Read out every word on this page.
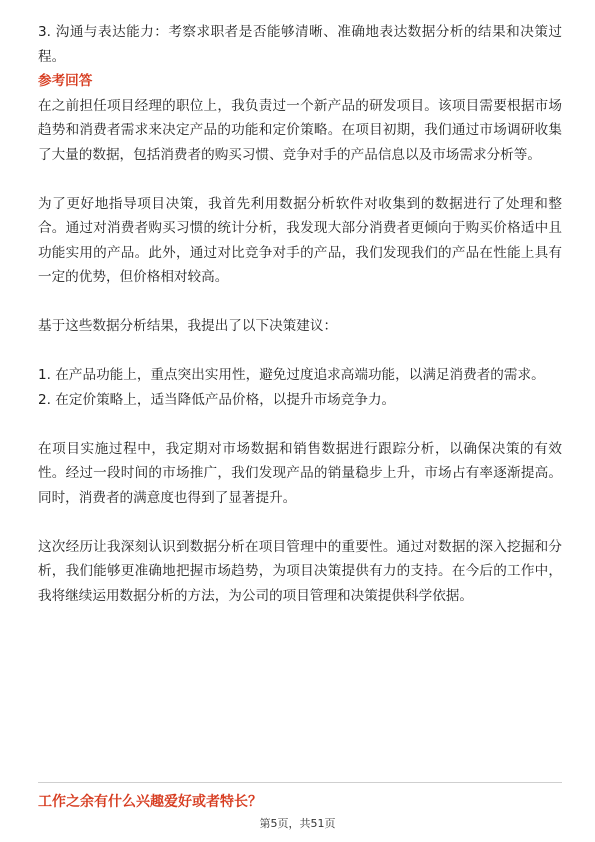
3. 沟通与表达能力：考察求职者是否能够清晰、准确地表达数据分析的结果和决策过程。

参考回答

在之前担任项目经理的职位上，我负责过一个新产品的研发项目。该项目需要根据市场趋势和消费者需求来决定产品的功能和定价策略。在项目初期，我们通过市场调研收集了大量的数据，包括消费者的购买习惯、竞争对手的产品信息以及市场需求分析等。

为了更好地指导项目决策，我首先利用数据分析软件对收集到的数据进行了处理和整合。通过对消费者购买习惯的统计分析，我发现大部分消费者更倾向于购买价格适中且功能实用的产品。此外，通过对比竞争对手的产品，我们发现我们的产品在性能上具有一定的优势，但价格相对较高。

基于这些数据分析结果，我提出了以下决策建议：

1. 在产品功能上，重点突出实用性，避免过度追求高端功能，以满足消费者的需求。

2. 在定价策略上，适当降低产品价格，以提升市场竞争力。

在项目实施过程中，我定期对市场数据和销售数据进行跟踪分析，以确保决策的有效性。经过一段时间的市场推广，我们发现产品的销量稳步上升，市场占有率逐渐提高。同时，消费者的满意度也得到了显著提升。

这次经历让我深刻认识到数据分析在项目管理中的重要性。通过对数据的深入挖掘和分析，我们能够更准确地把握市场趋势，为项目决策提供有力的支持。在今后的工作中，我将继续运用数据分析的方法，为公司的项目管理和决策提供科学依据。

工作之余有什么兴趣爱好或者特长？
第5页，共51页
